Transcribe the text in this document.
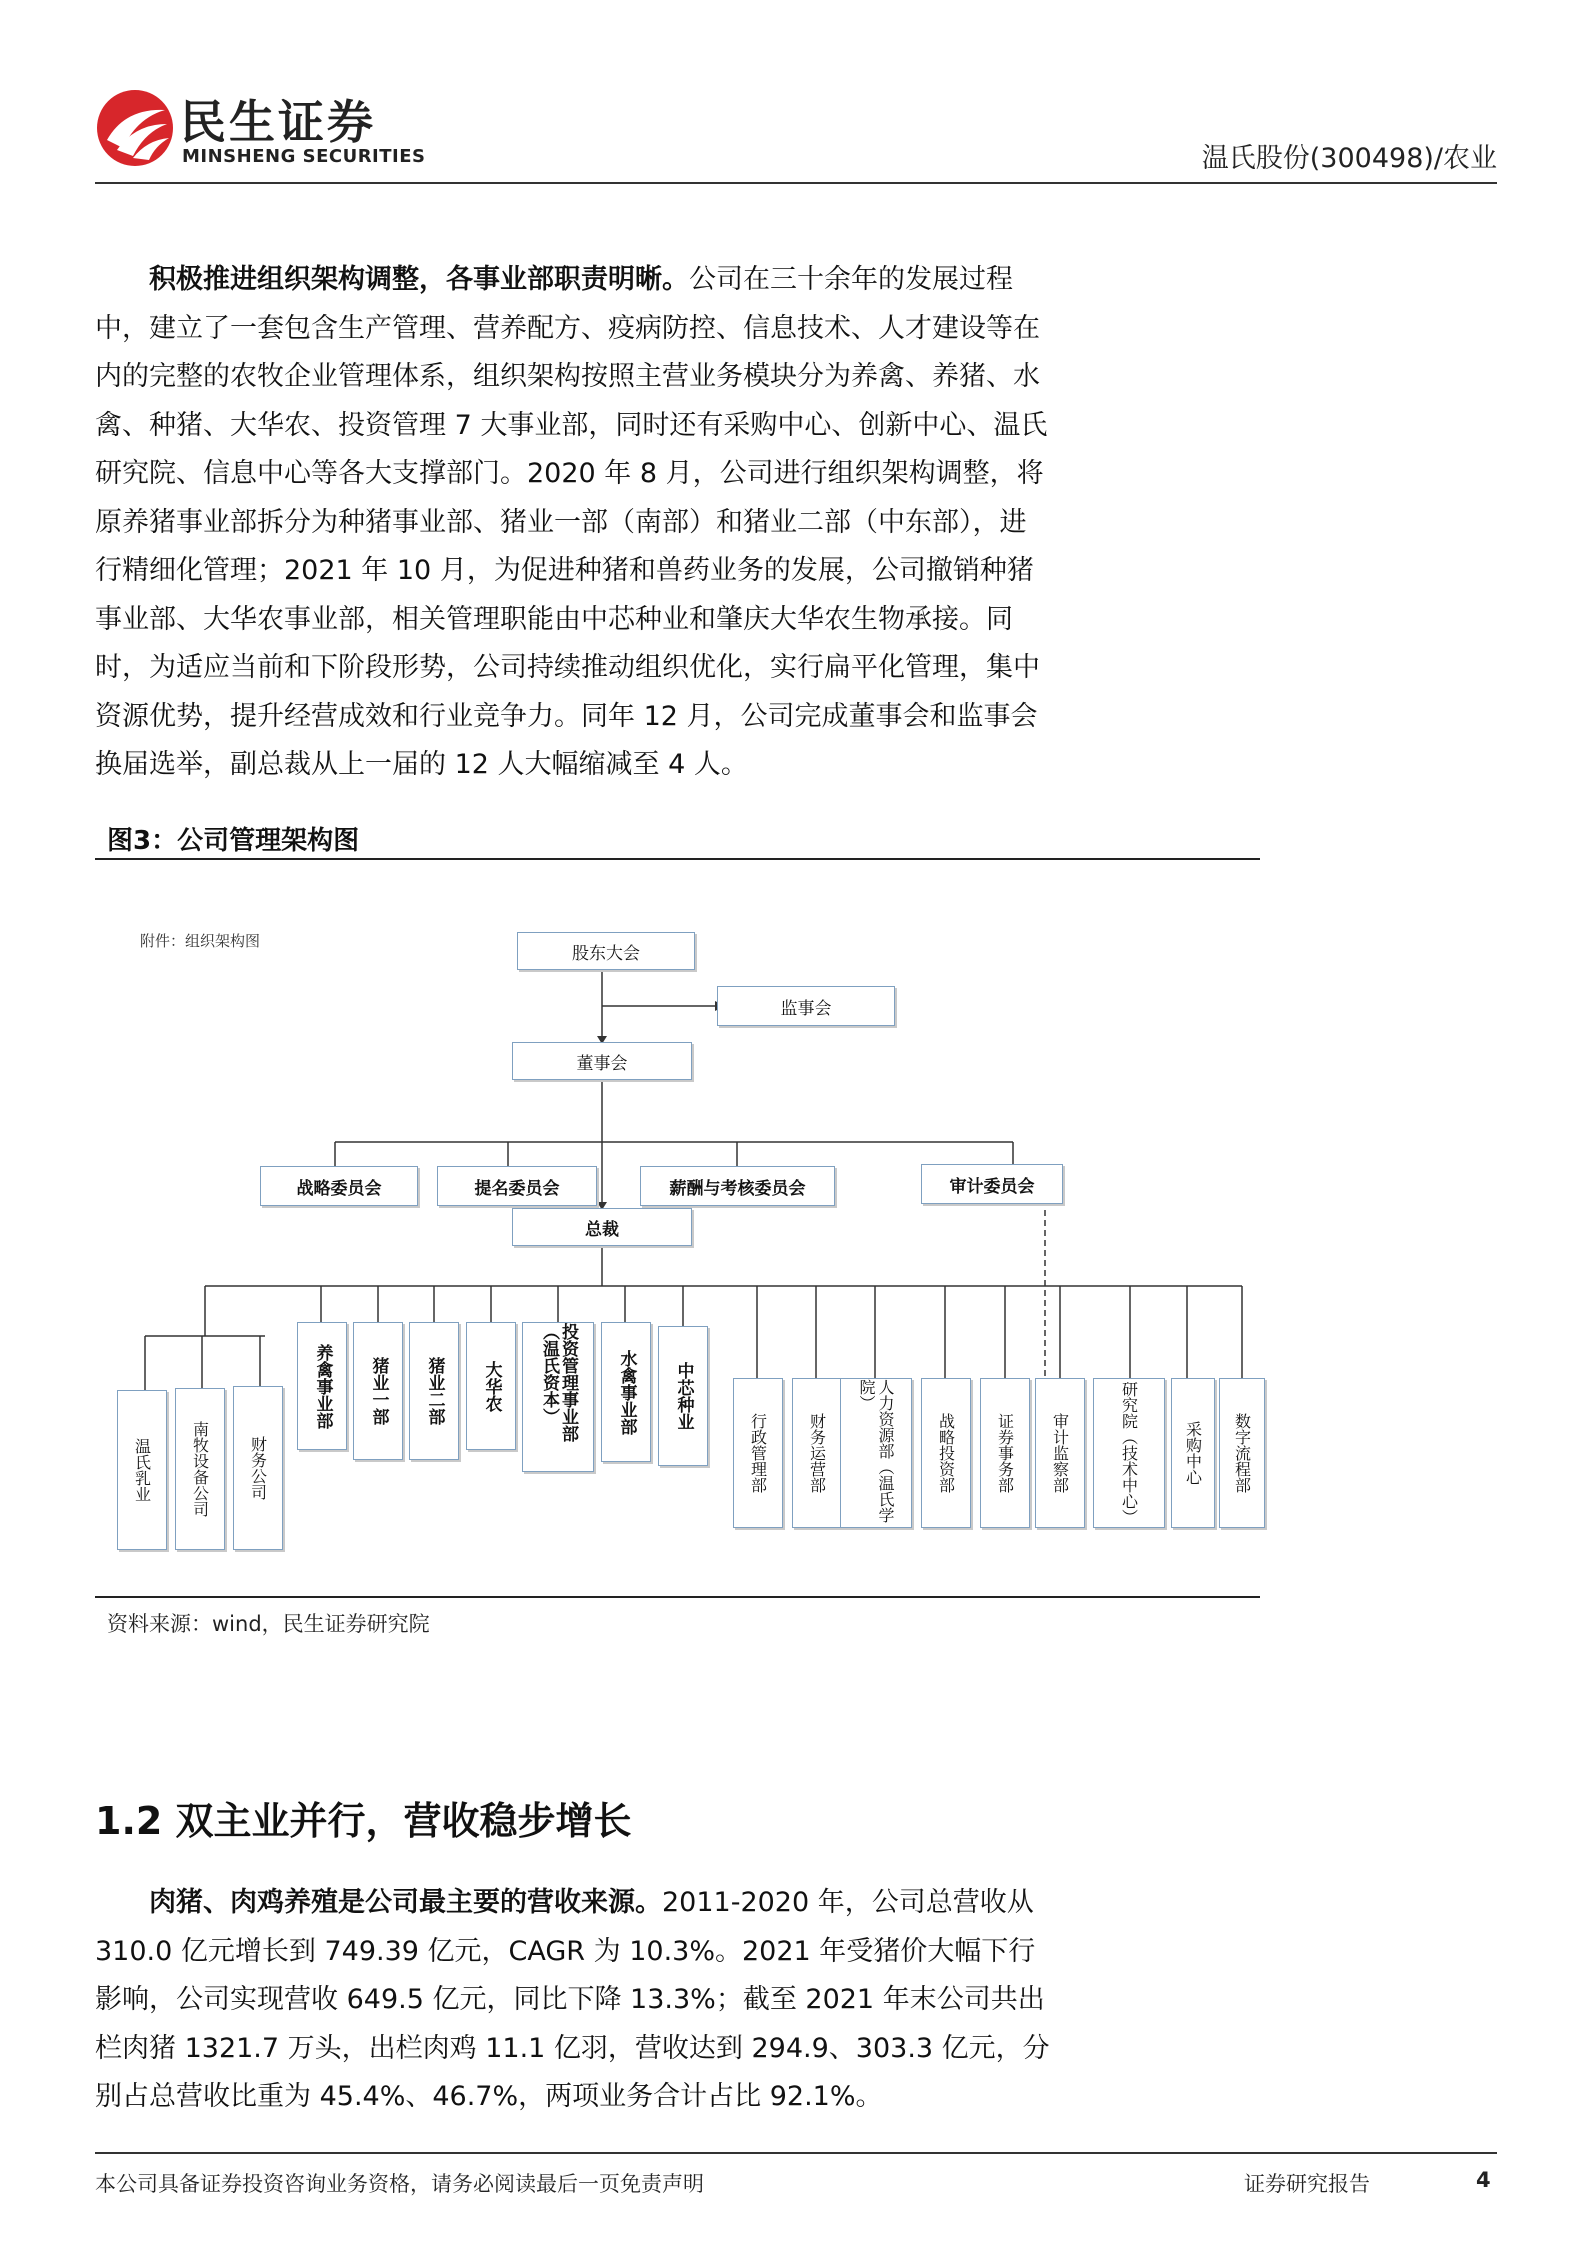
民生证券
MINSHENG SECURITIES	温氏股份(300498)/农业
积极推进组织架构调整，各事业部职责明晰。公司在三十余年的发展过程中，建立了一套包含生产管理、营养配方、疫病防控、信息技术、人才建设等在内的完整的农牧企业管理体系，组织架构按照主营业务模块分为养禽、养猪、水禽、种猪、大华农、投资管理 7 大事业部，同时还有采购中心、创新中心、温氏研究院、信息中心等各大支撑部门。2020 年 8 月，公司进行组织架构调整，将原养猪事业部拆分为种猪事业部、猪业一部（南部）和猪业二部（中东部），进行精细化管理；2021 年 10 月，为促进种猪和兽药业务的发展，公司撤销种猪事业部、大华农事业部，相关管理职能由中芯种业和肇庆大华农生物承接。同时，为适应当前和下阶段形势，公司持续推动组织优化，实行扁平化管理，集中资源优势，提升经营成效和行业竞争力。同年 12 月，公司完成董事会和监事会换届选举，副总裁从上一届的 12 人大幅缩减至 4 人。
图3：公司管理架构图
附件：组织架构图
股东大会
监事会
董事会
战略委员会	提名委员会	薪酬与考核委员会	审计委员会
总裁
温氏乳业 南牧设备公司 财务公司
养禽事业部 猪业一部 猪业二部 大华农	投资管理事业部（温氏资本）	水禽事业部 中芯种业
行政管理部	财务运营部	人力资源部（温氏学院）
战略投资部	证券事务部 审计监察部	研究院（技术中心）	采购中心 数字流程部
资料来源：wind，民生证券研究院
1.2 双主业并行，营收稳步增长
肉猪、肉鸡养殖是公司最主要的营收来源。2011-2020 年，公司总营收从 310.0 亿元增长到 749.39 亿元，CAGR 为 10.3%。2021 年受猪价大幅下行影响，公司实现营收 649.5 亿元，同比下降 13.3%；截至 2021 年末公司共出栏肉猪 1321.7 万头，出栏肉鸡 11.1 亿羽，营收达到 294.9、303.3 亿元，分别占总营收比重为 45.4%、46.7%，两项业务合计占比 92.1%。
本公司具备证券投资咨询业务资格，请务必阅读最后一页免责声明	证券研究报告	4
